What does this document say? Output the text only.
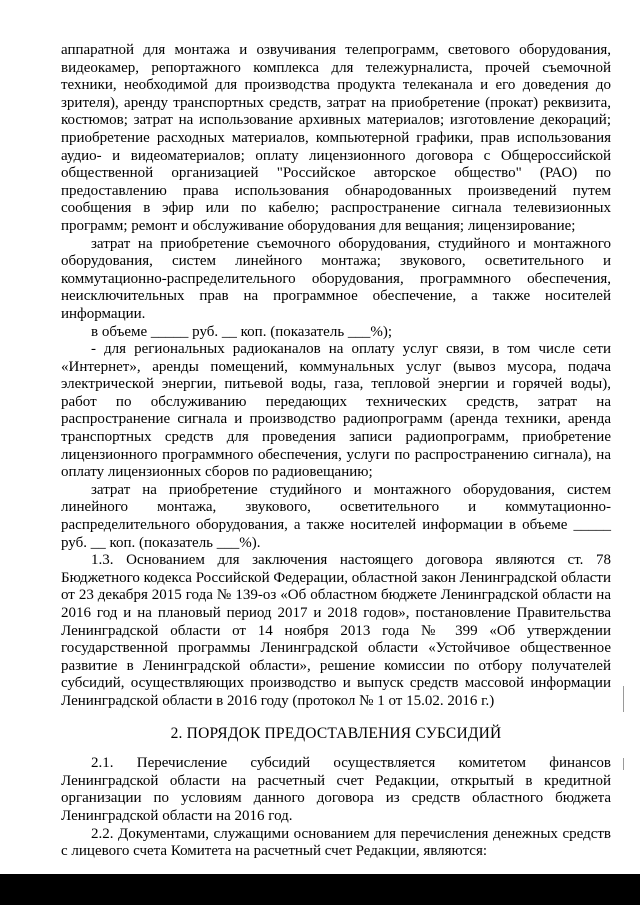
аппаратной для монтажа и озвучивания телепрограмм, светового оборудования, видеокамер, репортажного комплекса для тележурналиста, прочей съемочной техники, необходимой для производства продукта телеканала и его доведения до зрителя), аренду транспортных средств, затрат на приобретение (прокат) реквизита, костюмов; затрат на использование архивных материалов; изготовление декораций; приобретение расходных материалов, компьютерной графики, прав использования аудио- и видеоматериалов; оплату лицензионного договора с Общероссийской общественной организацией "Российское авторское общество" (РАО) по предоставлению права использования обнародованных произведений путем сообщения в эфир или по кабелю; распространение сигнала телевизионных программ; ремонт и обслуживание оборудования для вещания; лицензирование;

затрат на приобретение съемочного оборудования, студийного и монтажного оборудования, систем линейного монтажа; звукового, осветительного и коммутационно-распределительного оборудования, программного обеспечения, неисключительных прав на программное обеспечение, а также носителей информации.

в объеме _____ руб. __ коп. (показатель ___%);

- для региональных радиоканалов на оплату услуг связи, в том числе сети «Интернет», аренды помещений, коммунальных услуг (вывоз мусора, подача электрической энергии, питьевой воды, газа, тепловой энергии и горячей воды), работ по обслуживанию передающих технических средств, затрат на распространение сигнала и производство радиопрограмм (аренда техники, аренда транспортных средств для проведения записи радиопрограмм, приобретение лицензионного программного обеспечения, услуги по распространению сигнала), на оплату лицензионных сборов по радиовещанию;

затрат на приобретение студийного и монтажного оборудования, систем линейного монтажа, звукового, осветительного и коммутационно-распределительного оборудования, а также носителей информации в объеме _____ руб. __ коп. (показатель ___%).

1.3. Основанием для заключения настоящего договора являются ст. 78 Бюджетного кодекса Российской Федерации, областной закон Ленинградской области от 23 декабря 2015 года № 139-оз «Об областном бюджете Ленинградской области на 2016 год и на плановый период 2017 и 2018 годов», постановление Правительства Ленинградской области от 14 ноября 2013 года № 399 «Об утверждении государственной программы Ленинградской области «Устойчивое общественное развитие в Ленинградской области», решение комиссии по отбору получателей субсидий, осуществляющих производство и выпуск средств массовой информации Ленинградской области в 2016 году (протокол № 1 от 15.02. 2016 г.)

2. ПОРЯДОК ПРЕДОСТАВЛЕНИЯ СУБСИДИЙ

2.1. Перечисление субсидий осуществляется комитетом финансов Ленинградской области на расчетный счет Редакции, открытый в кредитной организации по условиям данного договора из средств областного бюджета Ленинградской области на 2016 год.

2.2. Документами, служащими основанием для перечисления денежных средств с лицевого счета Комитета на расчетный счет Редакции, являются:
